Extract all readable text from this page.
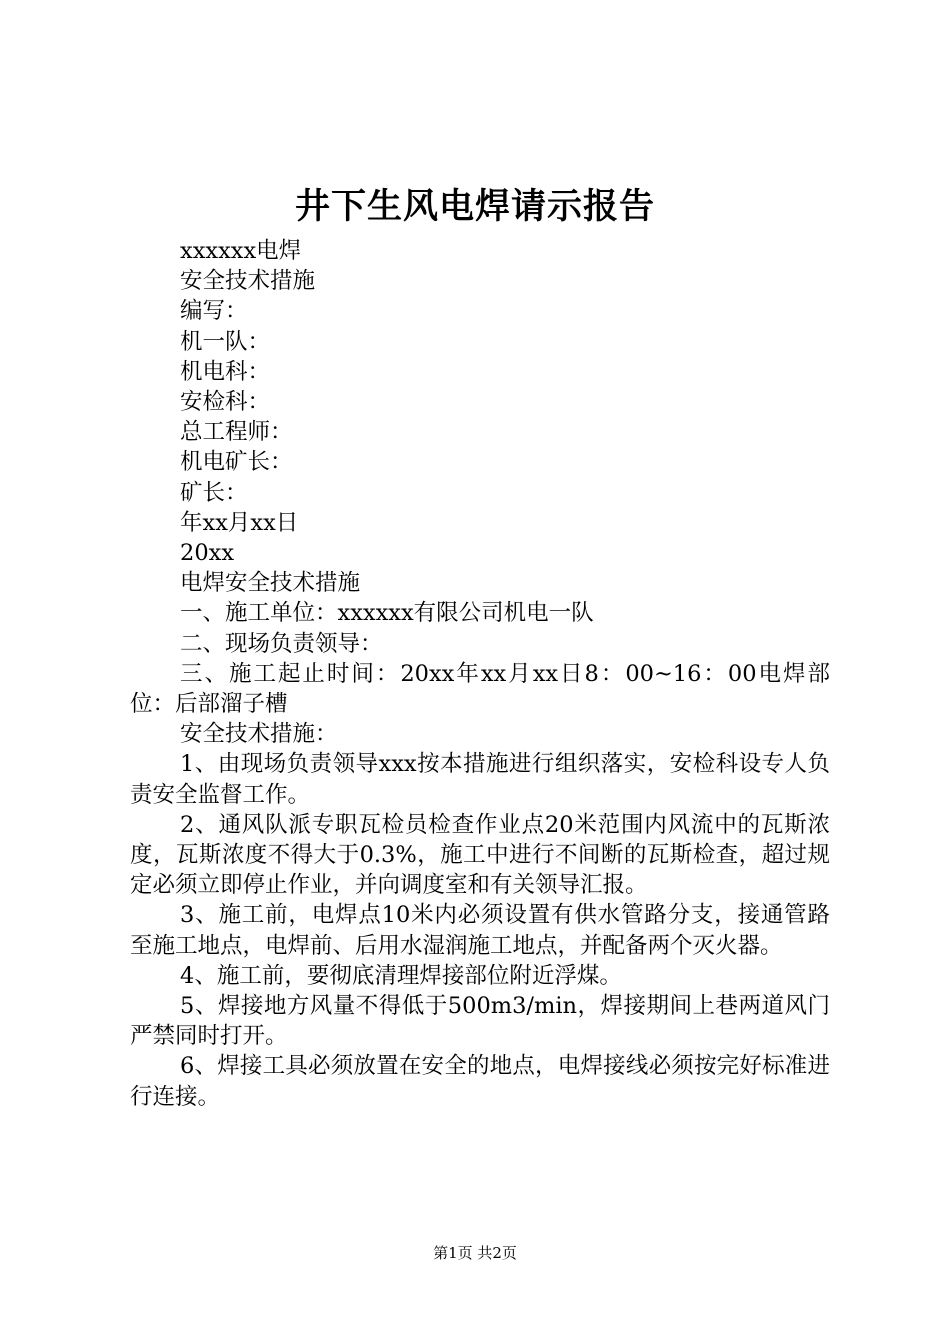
井下生风电焊请示报告
xxxxxx电焊
安全技术措施
编写：
机一队：
机电科：
安检科：
总工程师：
机电矿长：
矿长：
年xx月xx日
20xx
电焊安全技术措施
一、施工单位：xxxxxx有限公司机电一队
二、现场负责领导：
三、施工起止时间：20xx年xx月xx日8：00~16：00电焊部位：后部溜子槽
安全技术措施：
1、由现场负责领导xxx按本措施进行组织落实，安检科设专人负责安全监督工作。
2、通风队派专职瓦检员检查作业点20米范围内风流中的瓦斯浓度，瓦斯浓度不得大于0.3%，施工中进行不间断的瓦斯检查，超过规定必须立即停止作业，并向调度室和有关领导汇报。
3、施工前，电焊点10米内必须设置有供水管路分支，接通管路至施工地点，电焊前、后用水湿润施工地点，并配备两个灭火器。
4、施工前，要彻底清理焊接部位附近浮煤。
5、焊接地方风量不得低于500m3/min，焊接期间上巷两道风门严禁同时打开。
6、焊接工具必须放置在安全的地点，电焊接线必须按完好标准进行连接。
第1页 共2页
